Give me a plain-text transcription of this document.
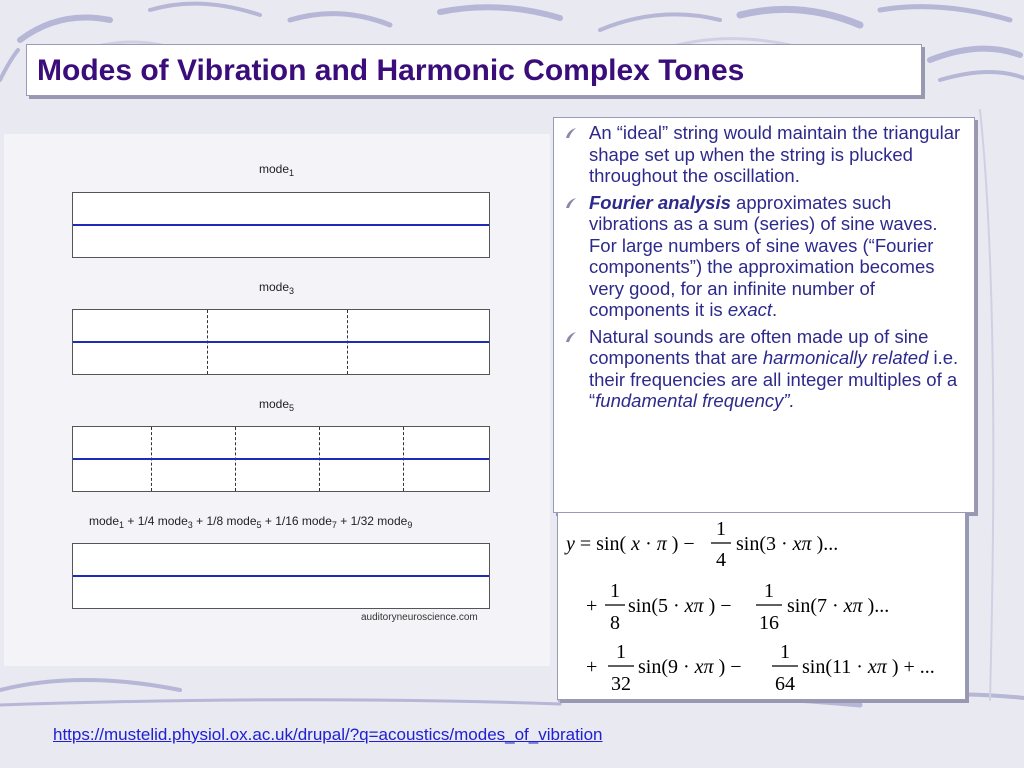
Modes of Vibration and Harmonic Complex Tones
mode$_1$
mode$_3$
mode$_5$
mode$_1$ + 1/4 mode$_3$ + 1/8 mode$_5$ + 1/16 mode$_7$ + 1/32 mode$_9$
auditoryneuroscience.com
An “ideal” string would maintain the triangular shape set up when the string is plucked throughout the oscillation.
Fourier analysis approximates such vibrations as a sum (series) of sine waves. For large numbers of sine waves (“Fourier components”) the approximation becomes very good, for an infinite number of components it is exact.
Natural sounds are often made up of sine components that are harmonically related i.e. their frequencies are all integer multiples of a “fundamental frequency”.
y = sin( x · π ) −
1
4
sin(3 · xπ )...
+
1
8
sin(5 · xπ ) −
1
16
sin(7 · xπ )...
+
1
32
sin(9 · xπ ) −
1
64
sin(11 · xπ ) + ...
https://mustelid.physiol.ox.ac.uk/drupal/?q=acoustics/modes_of_vibration
